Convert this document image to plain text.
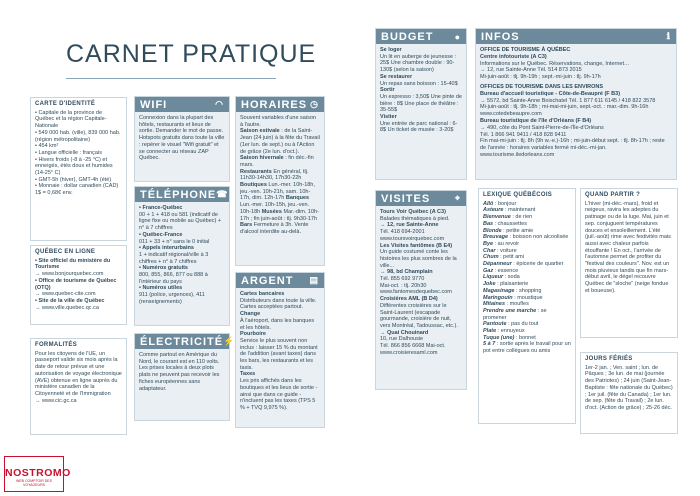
CARNET PRATIQUE
CARTE D'IDENTITÉ

• Capitale de la province de Québec et la région Capitale-Nationale

• 549 000 hab. (ville), 839 000 hab. (région métropolitaine)

• 454 km²

• Langue officielle : français

• Hivers froids (-8 à -25 °C) et enneigés, étés doux et humides (14-25° C)

• GMT-5h (hiver), GMT-4h (été)

• Monnaie : dollar canadien (CAD) 1$ = 0,68€ env.

QUÉBEC EN LIGNE

• Site officiel du ministère du Tourisme

→ www.bonjourquebec.com

• Office de tourisme de Québec (OTQ)

→ www.quebec-cite.com

• Site de la ville de Québec

→ www.ville.quebec.qc.ca

FORMALITÉS

Pour les citoyens de l'UE, un passeport valide six mois après la date de retour prévue et une autorisation de voyage électronique (AVE) obtenue en ligne auprès du ministère canadien de la Citoyenneté et de l'Immigration

→ www.cic.gc.ca

WIFI	◠

Connexion dans la plupart des hôtels, restaurants et lieux de sortie. Demander le mot de passe. Hotspots gratuits dans toute la ville : repérer le visuel "Wifi gratuit" et se connecter au réseau ZAP Québec.

TÉLÉPHONE ☎

• France-Québec

00 + 1 + 418 ou 581 (indicatif de ligne fixe ou mobile au Québec) + n° à 7 chiffres

• Québec-France

011 + 33 + n° sans le 0 initial

• Appels interurbains

1 + indicatif régional/ville à 3 chiffres + n° à 7 chiffres

• Numéros gratuits

800, 855, 866, 877 ou 888 à l'intérieur du pays

• Numéros utiles

911 (police, urgences), 411 (renseignements)

ÉLECTRICITÉ ⚡

Comme partout en Amérique du Nord, le courant est en 110 volts. Les prises locales à deux plots plats ne peuvent pas recevoir les fiches européennes sans adaptateur.

HORAIRES ◷

Souvent variables d'une saison à l'autre.
Saison estivale : de la Saint-Jean (24 juin) à la fête du Travail (1er lun. de sept.) ou à l'Action de grâce (2e lun. d'oct.).
Saison hivernale : fin déc.-fin mars.
Restaurants En général, tlj. 11h30-14h30, 17h30-22h Boutiques Lun.-mer. 10h-18h, jeu.-ven. 10h-21h, sam. 10h-17h, dim. 12h-17h Banques Lun.-mer. 10h-15h, jeu.-ven. 10h-18h Musées Mar.-dim. 10h-17h ; fin juin-août : tlj. 9h30-17h Bars Fermeture à 3h. Vente d'alcool interdite au-delà.

ARGENT ▤

Cartes bancaires

Distributeurs dans toute la ville. Cartes acceptées partout.

Change

À l'aéroport, dans les banques et les hôtels.

Pourboire

Service le plus souvent non inclus : laisser 15 % du montant de l'addition (avant taxes) dans les bars, les restaurants et les taxis.

Taxes

Les prix affichés dans les boutiques et les lieux de sortie - ainsi que dans ce guide - n'incluent pas les taxes (TPS 5 % + TVQ 9,975 %).

BUDGET ●

Se loger

Un lit en auberge de jeunesse : 25$ Une chambre double : 90-130$ (selon la saison)

Se restaurer

Un repas sans boisson : 15-40$

Sortir

Un espresso : 3,50$ Une pinte de bière : 8$ Une place de théâtre : 35-55$

Visiter

Une entrée de parc national : 6-8$ Un ticket de musée : 3-20$

VISITES	⌖

Tours Voir Québec (A C3)

Balades thématiques à pied.

→ 12, rue Sainte-Anne

Tél. 418 694-2001

www.toursvoirquebec.com

Les Visites fantômes (B E4)

Un guide costumé conte les histoires les plus sombres de la ville...

→ 98, bd Champlain

Tél. 855 692 9770

Mai-oct. : tlj. 20h30 www.fantomesdequebec.com

Croisières AML (B D4)

Différentes croisières sur le Saint-Laurent (escapade gourmande, croisière de nuit, vers Montréal, Tadoussac, etc.).

→ Quai Chouinard

10, rue Dalhousie

Tél. 866 856 6668 Mai-oct. www.croisieresaml.com

INFOS	ℹ

OFFICE DE TOURISME À QUÉBEC

Centre infotouriste (A C3)

Informations sur le Québec. Réservations, change, Internet…

→ 12, rue Sainte-Anne Tél. 514 873 2015

Mi-juin-août : tlj. 9h-19h ; sept.-mi-juin : tlj. 9h-17h

OFFICES DE TOURISME DANS LES ENVIRONS

Bureau d'accueil touristique - Côte-de-Beaupré (F B3)

→ 5572, bd Sainte-Anne Boischatel Tél. 1 877 611 6145 / 418 822 3578

Mi-juin-août : tlj. 9h-18h ; mi-mai-mi-juin, sept.-oct. : mar.-dim. 9h-16h www.cotedebeaupre.com

Bureau touristique de l'île d'Orléans (F B4)

→ 490, côte du Pont Saint-Pierre-de-l'Île-d'Orléans

Tél. 1 866 941 9411 / 418 828 9411

Fin mai-mi-juin : tlj. 8h (9h w.-e.)-16h ; mi-juin-début sept. : tlj. 8h-17h ; reste de l'année : horaires variables fermé mi-déc.-mi-jan. www.tourisme.iledorleans.com

LEXIQUE QUÉBÉCOIS

Allô : bonjour

Asteure : maintenant

Bienvenue : de rien

Bas : chaussettes

Blonde : petite amie

Breuvage : boisson non alcoolisée

Bye : au revoir

Char : voiture

Chum : petit ami

Dépanneur : épicerie de quartier

Gaz : essence

Liqueur : soda

Joke : plaisanterie

Magasinage : shopping

Maringouin : moustique

Mitaines : moufles

Prendre une marche : se promener

Pantoute : pas du tout

Plate : ennuyeux

Tuque (une) : bonnet

5 à 7 : sortie après le travail pour un pot entre collègues ou amis

QUAND PARTIR ?

L'hiver (mi-déc.-mars), froid et neigeux, ravira les adeptes du patinage ou de la luge. Mai, juin et sep. conjuguent températures douces et ensoleillement. L'été (juil.-août) rime avec festivités mais aussi avec chaleur parfois étouffante ! En oct., l'arrivée de l'automne permet de profiter du "festival des couleurs". Nov. est un mois pluvieux tandis que fin mars-début avril, le dégel recouvre Québec de "sloche" (neige fondue et boueuse).

JOURS FÉRIÉS

1er-2 jan. ; Ven. saint ; lun. de Pâques ; 3e lun. de mai (journée des Patriotes) ; 24 juin (Saint-Jean-Baptiste : fête nationale du Québec) ; 1er juil. (fête du Canada) ; 1er lun. de sep. (fête du Travail) ; 2e lun. d'oct. (Action de grâce) ; 25-26 déc.

NOSTROMO
WEB COMPTOIR DES VOYAGEURS
